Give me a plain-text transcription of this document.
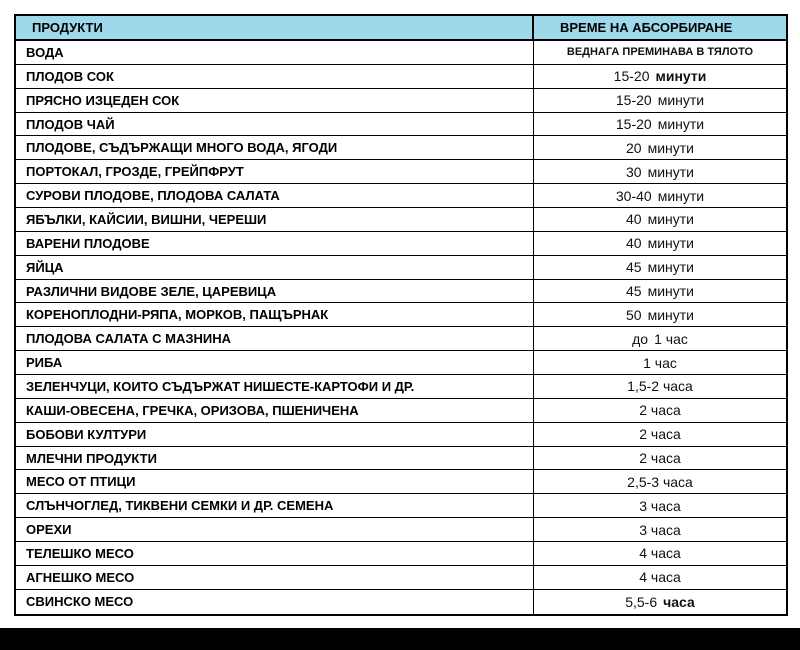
ПРОДУКТИ	ВРЕМЕ НА АБСОРБИРАНЕ
ВОДА	ВЕДНАГА ПРЕМИНАВА В ТЯЛОТО
ПЛОДОВ СОК	15-20 минути
ПРЯСНО ИЗЦЕДЕН СОК	15-20 минути
ПЛОДОВ ЧАЙ	15-20 минути
ПЛОДОВЕ, СЪДЪРЖАЩИ МНОГО ВОДА, ЯГОДИ	20 минути
ПОРТОКАЛ, ГРОЗДЕ, ГРЕЙПФРУТ	30 минути
СУРОВИ ПЛОДОВЕ, ПЛОДОВА САЛАТА	30-40 минути
ЯБЪЛКИ, КАЙСИИ, ВИШНИ, ЧЕРЕШИ	40 минути
ВАРЕНИ ПЛОДОВЕ	40 минути
ЯЙЦА	45 минути
РАЗЛИЧНИ ВИДОВЕ ЗЕЛЕ, ЦАРЕВИЦА	45 минути
КОРЕНОПЛОДНИ-РЯПА, МОРКОВ, ПАЩЪРНАК	50 минути
ПЛОДОВА САЛАТА С МАЗНИНА	до 1 час
РИБА	1 час
ЗЕЛЕНЧУЦИ, КОИТО СЪДЪРЖАТ НИШЕСТЕ-КАРТОФИ И ДР.	1,5-2 часа
КАШИ-ОВЕСЕНА, ГРЕЧКА, ОРИЗОВА, ПШЕНИЧЕНА	2 часа
БОБОВИ КУЛТУРИ	2 часа
МЛЕЧНИ ПРОДУКТИ	2 часа
МЕСО ОТ ПТИЦИ	2,5-3 часа
СЛЪНЧОГЛЕД, ТИКВЕНИ СЕМКИ И ДР. СЕМЕНА	3 часа
ОРЕХИ	3 часа
ТЕЛЕШКО МЕСО	4 часа
АГНЕШКО МЕСО	4 часа
СВИНСКО МЕСО	5,5-6 часа
